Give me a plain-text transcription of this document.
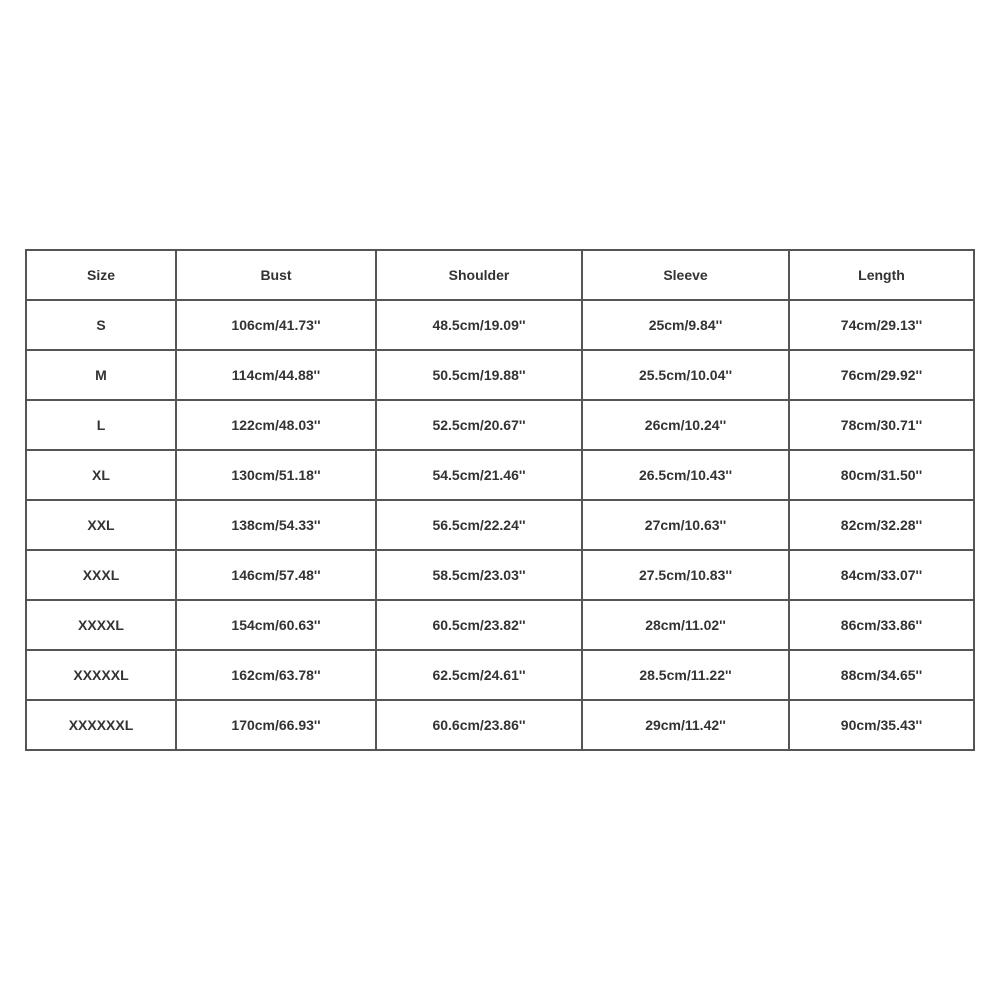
Size	Bust	Shoulder	Sleeve	Length
S	106cm/41.73''	48.5cm/19.09''	25cm/9.84''	74cm/29.13''
M	114cm/44.88''	50.5cm/19.88''	25.5cm/10.04''	76cm/29.92''
L	122cm/48.03''	52.5cm/20.67''	26cm/10.24''	78cm/30.71''
XL	130cm/51.18''	54.5cm/21.46''	26.5cm/10.43''	80cm/31.50''
XXL	138cm/54.33''	56.5cm/22.24''	27cm/10.63''	82cm/32.28''
XXXL	146cm/57.48''	58.5cm/23.03''	27.5cm/10.83''	84cm/33.07''
XXXXL	154cm/60.63''	60.5cm/23.82''	28cm/11.02''	86cm/33.86''
XXXXXL	162cm/63.78''	62.5cm/24.61''	28.5cm/11.22''	88cm/34.65''
XXXXXXL	170cm/66.93''	60.6cm/23.86''	29cm/11.42''	90cm/35.43''
